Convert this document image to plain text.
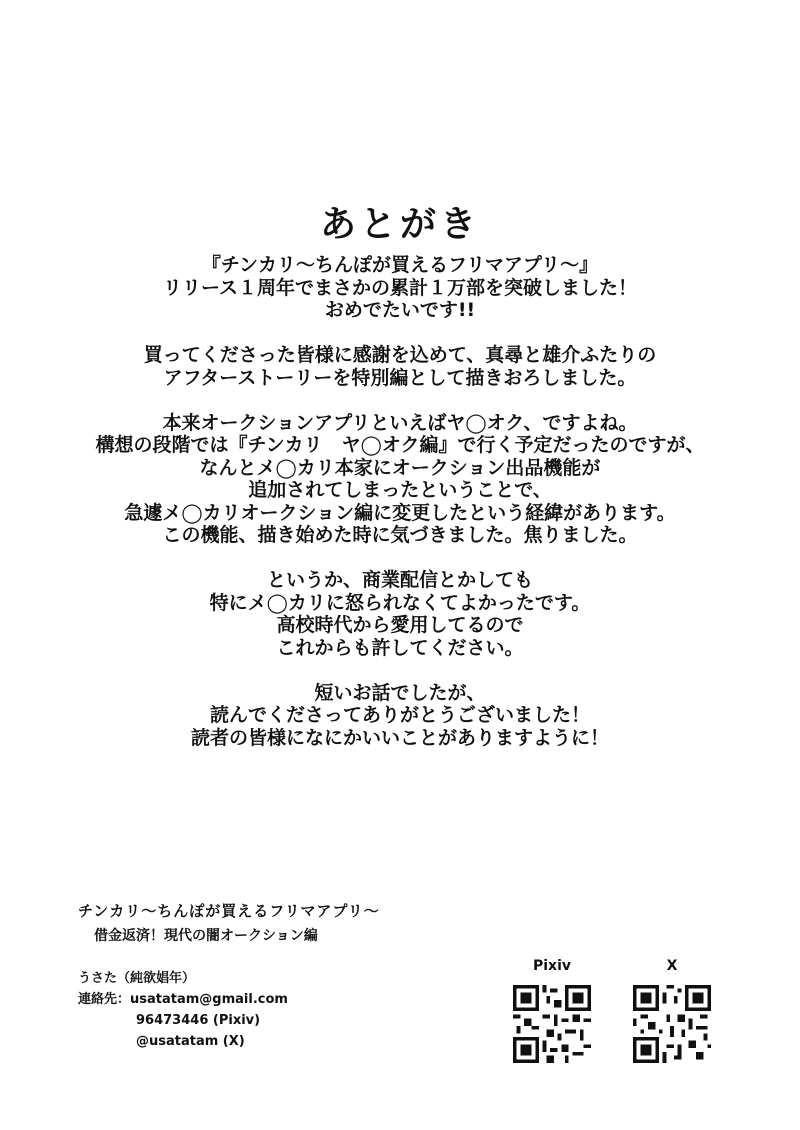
あとがき
『チンカリ〜ちんぽが買えるフリマアプリ〜』
リリース１周年でまさかの累計１万部を突破しました！
おめでたいです!!
買ってくださった皆様に感謝を込めて、真尋と雄介ふたりの
アフターストーリーを特別編として描きおろしました。
本来オークションアプリといえばヤ◯オク、ですよね。
構想の段階では『チンカリ　ヤ◯オク編』で行く予定だったのですが、
なんとメ◯カリ本家にオークション出品機能が
追加されてしまったということで、
急遽メ◯カリオークション編に変更したという経緯があります。
この機能、描き始めた時に気づきました。焦りました。
というか、商業配信とかしても
特にメ◯カリに怒られなくてよかったです。
高校時代から愛用してるので
これからも許してください。
短いお話でしたが、
読んでくださってありがとうございました！
読者の皆様になにかいいことがありますように！
チンカリ〜ちんぽが買えるフリマアプリ〜
借金返済！現代の闇オークション編
うさた（純欲娼年）
連絡先：usatatam@gmail.com
96473446 (Pixiv)
@usatatam (X)
Pixiv	X
